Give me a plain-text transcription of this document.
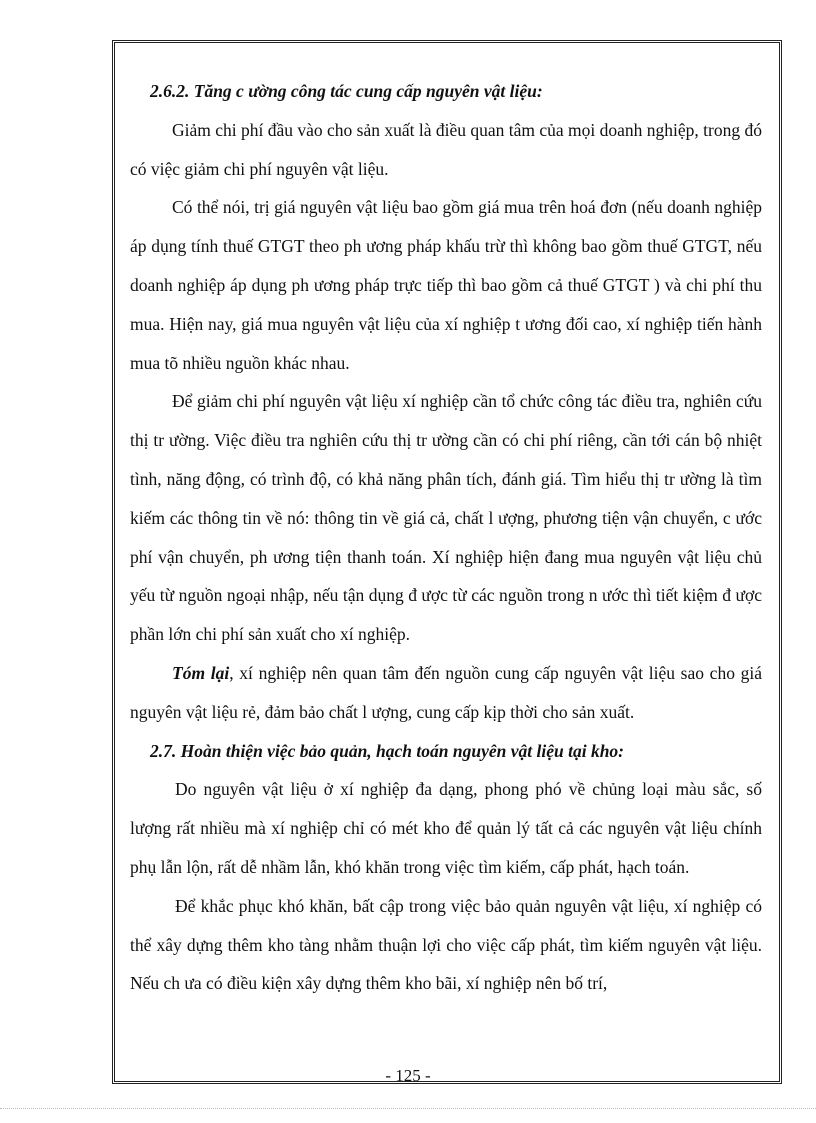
2.6.2. Tăng c ường công tác cung cấp nguyên vật liệu:

Giảm chi phí đầu vào cho sản xuất là điều quan tâm của mọi doanh nghiệp, trong đó có việc giảm chi phí nguyên vật liệu.

Có thể nói, trị giá nguyên vật liệu bao gồm giá mua trên hoá đơn (nếu doanh nghiệp áp dụng tính thuế GTGT theo ph ương pháp khấu trừ thì không bao gồm thuế GTGT, nếu doanh nghiệp áp dụng ph ương pháp trực tiếp thì bao gồm cả thuế GTGT ) và chi phí thu mua. Hiện nay, giá mua nguyên vật liệu của xí nghiệp t ương đối cao, xí nghiệp tiến hành mua tõ nhiều nguồn khác nhau.

Để giảm chi phí nguyên vật liệu xí nghiệp cần tổ chức công tác điều tra, nghiên cứu thị tr ường. Việc điều tra nghiên cứu thị tr ường cần có chi phí riêng, cần tới cán bộ nhiệt tình, năng động, có trình độ, có khả năng phân tích, đánh giá. Tìm hiểu thị tr ường là tìm kiếm các thông tin về nó: thông tin về giá cả, chất l ượng, phương tiện vận chuyển, c ước phí vận chuyển, ph ương tiện thanh toán. Xí nghiệp hiện đang mua nguyên vật liệu chủ yếu từ nguồn ngoại nhập, nếu tận dụng đ ược từ các nguồn trong n ước thì tiết kiệm đ ược phần lớn chi phí sản xuất cho xí nghiệp.

Tóm lại, xí nghiệp nên quan tâm đến nguồn cung cấp nguyên vật liệu sao cho giá nguyên vật liệu rẻ, đảm bảo chất l ượng, cung cấp kịp thời cho sản xuất.

2.7. Hoàn thiện việc bảo quản, hạch toán nguyên vật liệu tại kho:

Do nguyên vật liệu ở xí nghiệp đa dạng, phong phó về chủng loại màu sắc, số lượng rất nhiều mà xí nghiệp chỉ có mét kho để quản lý tất cả các nguyên vật liệu chính phụ lẫn lộn, rất dễ nhầm lẫn, khó khăn trong việc tìm kiếm, cấp phát, hạch toán.

Để khắc phục khó khăn, bất cập trong việc bảo quản nguyên vật liệu, xí nghiệp có thể xây dựng thêm kho tàng nhằm thuận lợi cho việc cấp phát, tìm kiếm nguyên vật liệu. Nếu ch ưa có điều kiện xây dựng thêm kho bãi, xí nghiệp nên bố trí,

- 125 -
